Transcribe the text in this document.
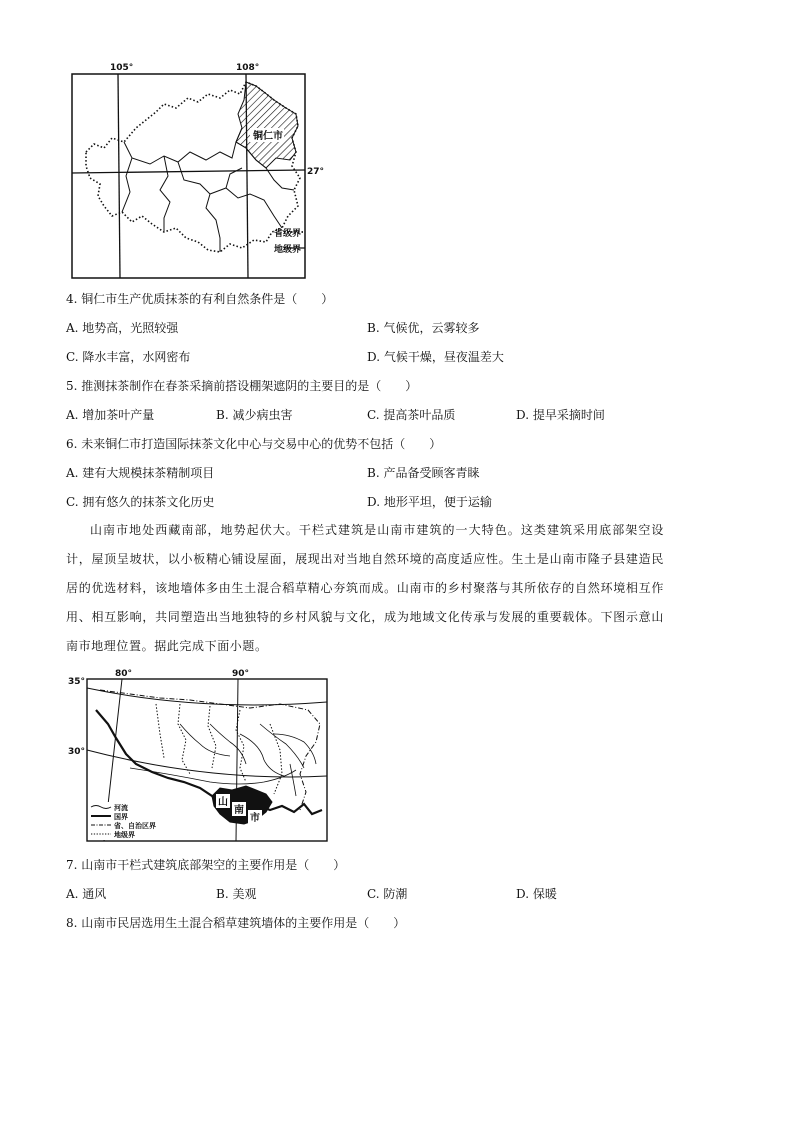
铜仁市
105°	108°
27°
省级界
地级界
4. 铜仁市生产优质抹茶的有利自然条件是（　　）
A. 地势高，光照较强	B. 气候优，云雾较多
C. 降水丰富，水网密布	D. 气候干燥，昼夜温差大
5. 推测抹茶制作在春茶采摘前搭设棚架遮阴的主要目的是（　　）
A. 增加茶叶产量	B. 减少病虫害	C. 提高茶叶品质	D. 提早采摘时间
6. 未来铜仁市打造国际抹茶文化中心与交易中心的优势不包括（　　）
A. 建有大规模抹茶精制项目	B. 产品备受顾客青睐
C. 拥有悠久的抹茶文化历史	D. 地形平坦，便于运输
山南市地处西藏南部，地势起伏大。干栏式建筑是山南市建筑的一大特色。这类建筑采用底部架空设计，屋顶呈坡状，以小板精心铺设屋面，展现出对当地自然环境的高度适应性。生土是山南市隆子县建造民居的优选材料，该地墙体多由生土混合稻草精心夯筑而成。山南市的乡村聚落与其所依存的自然环境相互作用、相互影响，共同塑造出当地独特的乡村风貌与文化，成为地域文化传承与发展的重要载体。下图示意山南市地理位置。据此完成下面小题。
山
南
市
80°	90°
35°
30°
河流
国界
省、自治区界
地级界
7. 山南市干栏式建筑底部架空的主要作用是（　　）
A. 通风	B. 美观	C. 防潮	D. 保暖
8. 山南市民居选用生土混合稻草建筑墙体的主要作用是（　　）
